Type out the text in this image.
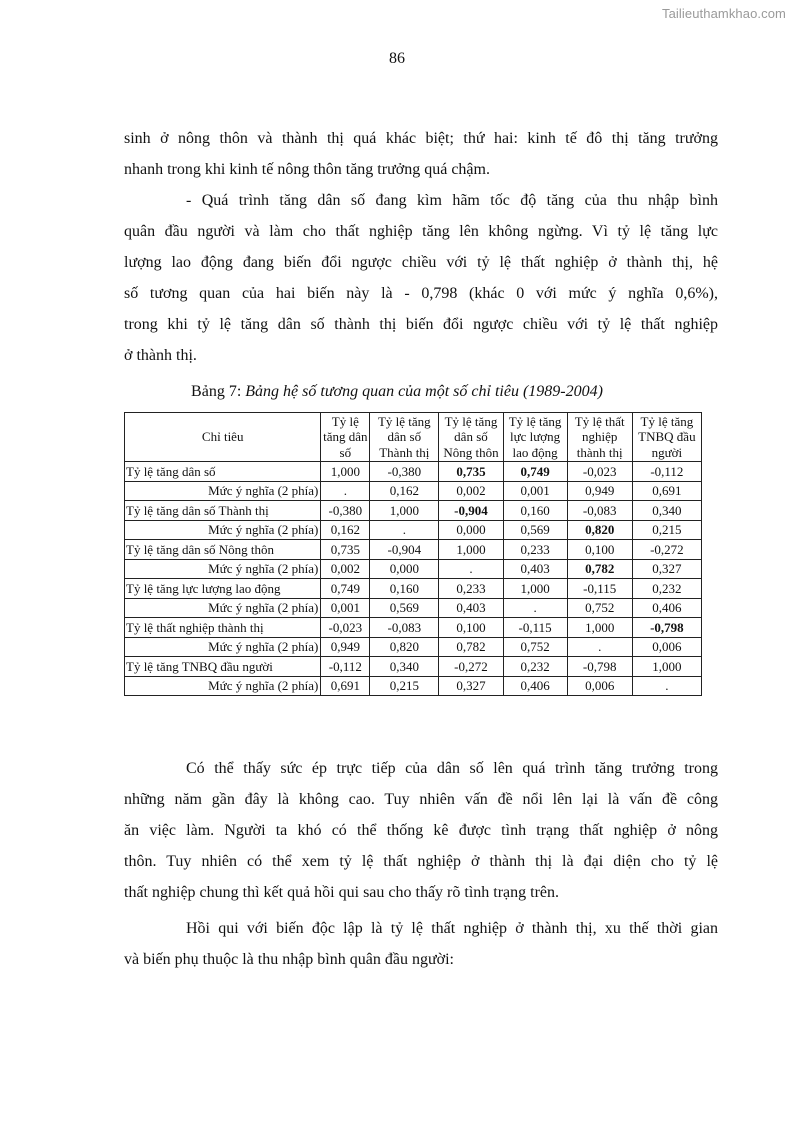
Tailieuthamkhao.com
86
sinh ở nông thôn và thành thị quá khác biệt; thứ hai: kinh tế đô thị tăng trưởng
nhanh trong khi kinh tế nông thôn tăng trưởng quá chậm.
- Quá trình tăng dân số đang kìm hãm tốc độ tăng của thu nhập bình
quân đầu người và làm cho thất nghiệp tăng lên không ngừng. Vì tỷ lệ tăng lực
lượng lao động đang biến đổi ngược chiều với tỷ lệ thất nghiệp ở thành thị, hệ
số tương quan của hai biến này là - 0,798 (khác 0 với mức ý nghĩa 0,6%),
trong khi tỷ lệ tăng dân số thành thị biến đổi ngược chiều với tỷ lệ thất nghiệp
ở thành thị.
Bảng 7: Bảng hệ số tương quan của một số chỉ tiêu (1989-2004)
Chỉ tiêu	Tỷ lệ tăng dân số	Tỷ lệ tăng dân số Thành thị	Tỷ lệ tăng dân số Nông thôn	Tỷ lệ tăng lực lượng lao động	Tỷ lệ thất nghiệp thành thị	Tỷ lệ tăng TNBQ đầu người
Tỷ lệ tăng dân số	1,000	-0,380	0,735	0,749	-0,023	-0,112
Mức ý nghĩa (2 phía)	.	0,162	0,002	0,001	0,949	0,691
Tỷ lệ tăng dân số Thành thị	-0,380	1,000	-0,904	0,160	-0,083	0,340
Mức ý nghĩa (2 phía)	0,162	.	0,000	0,569	0,820	0,215
Tỷ lệ tăng dân số Nông thôn	0,735	-0,904	1,000	0,233	0,100	-0,272
Mức ý nghĩa (2 phía)	0,002	0,000	.	0,403	0,782	0,327
Tỷ lệ tăng lực lượng lao động	0,749	0,160	0,233	1,000	-0,115	0,232
Mức ý nghĩa (2 phía)	0,001	0,569	0,403	.	0,752	0,406
Tỷ lệ thất nghiệp thành thị	-0,023	-0,083	0,100	-0,115	1,000	-0,798
Mức ý nghĩa (2 phía)	0,949	0,820	0,782	0,752	.	0,006
Tỷ lệ tăng TNBQ đầu người	-0,112	0,340	-0,272	0,232	-0,798	1,000
Mức ý nghĩa (2 phía)	0,691	0,215	0,327	0,406	0,006	.
Có thể thấy sức ép trực tiếp của dân số lên quá trình tăng trưởng trong
những năm gần đây là không cao. Tuy nhiên vấn đề nổi lên lại là vấn đề công
ăn việc làm. Người ta khó có thể thống kê được tình trạng thất nghiệp ở nông
thôn. Tuy nhiên có thể xem tỷ lệ thất nghiệp ở thành thị là đại diện cho tỷ lệ
thất nghiệp chung thì kết quả hồi qui sau cho thấy rõ tình trạng trên.
Hồi qui với biến độc lập là tỷ lệ thất nghiệp ở thành thị, xu thế thời gian
và biến phụ thuộc là thu nhập bình quân đầu người:
